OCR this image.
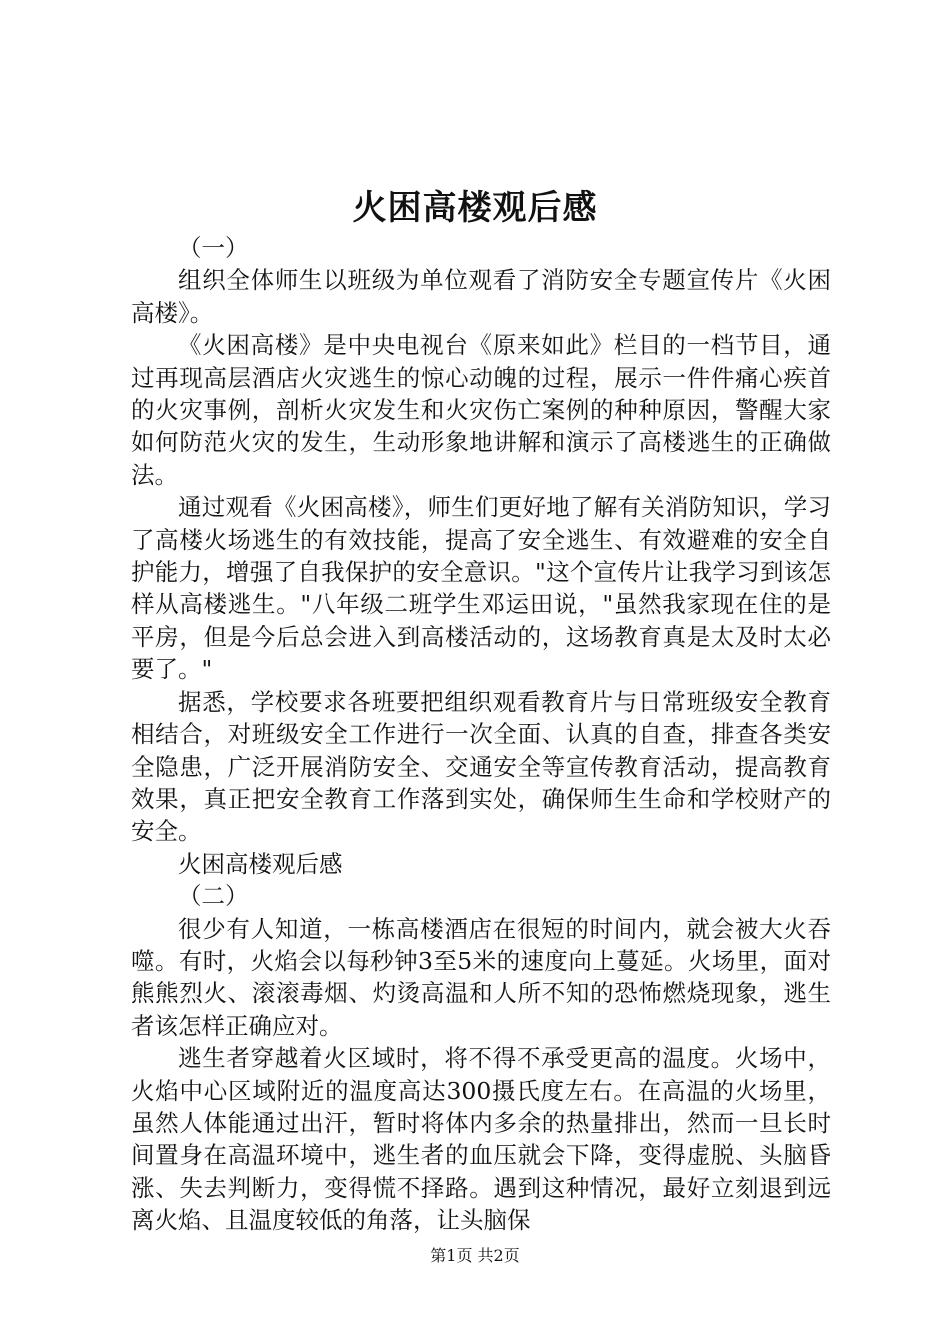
火困高楼观后感

（一）

组织全体师生以班级为单位观看了消防安全专题宣传片《火困高楼》。

《火困高楼》是中央电视台《原来如此》栏目的一档节目，通过再现高层酒店火灾逃生的惊心动魄的过程，展示一件件痛心疾首的火灾事例，剖析火灾发生和火灾伤亡案例的种种原因，警醒大家如何防范火灾的发生，生动形象地讲解和演示了高楼逃生的正确做法。

通过观看《火困高楼》，师生们更好地了解有关消防知识，学习了高楼火场逃生的有效技能，提高了安全逃生、有效避难的安全自护能力，增强了自我保护的安全意识。"这个宣传片让我学习到该怎样从高楼逃生。"八年级二班学生邓运田说，"虽然我家现在住的是平房，但是今后总会进入到高楼活动的，这场教育真是太及时太必要了。"

据悉，学校要求各班要把组织观看教育片与日常班级安全教育相结合，对班级安全工作进行一次全面、认真的自查，排查各类安全隐患，广泛开展消防安全、交通安全等宣传教育活动，提高教育效果，真正把安全教育工作落到实处，确保师生生命和学校财产的安全。

火困高楼观后感

（二）

很少有人知道，一栋高楼酒店在很短的时间内，就会被大火吞噬。有时，火焰会以每秒钟3至5米的速度向上蔓延。火场里，面对熊熊烈火、滚滚毒烟、灼烫高温和人所不知的恐怖燃烧现象，逃生者该怎样正确应对。

逃生者穿越着火区域时，将不得不承受更高的温度。火场中，火焰中心区域附近的温度高达300摄氏度左右。在高温的火场里，虽然人体能通过出汗，暂时将体内多余的热量排出，然而一旦长时间置身在高温环境中，逃生者的血压就会下降，变得虚脱、头脑昏涨、失去判断力，变得慌不择路。遇到这种情况，最好立刻退到远离火焰、且温度较低的角落，让头脑保

第1页 共2页
